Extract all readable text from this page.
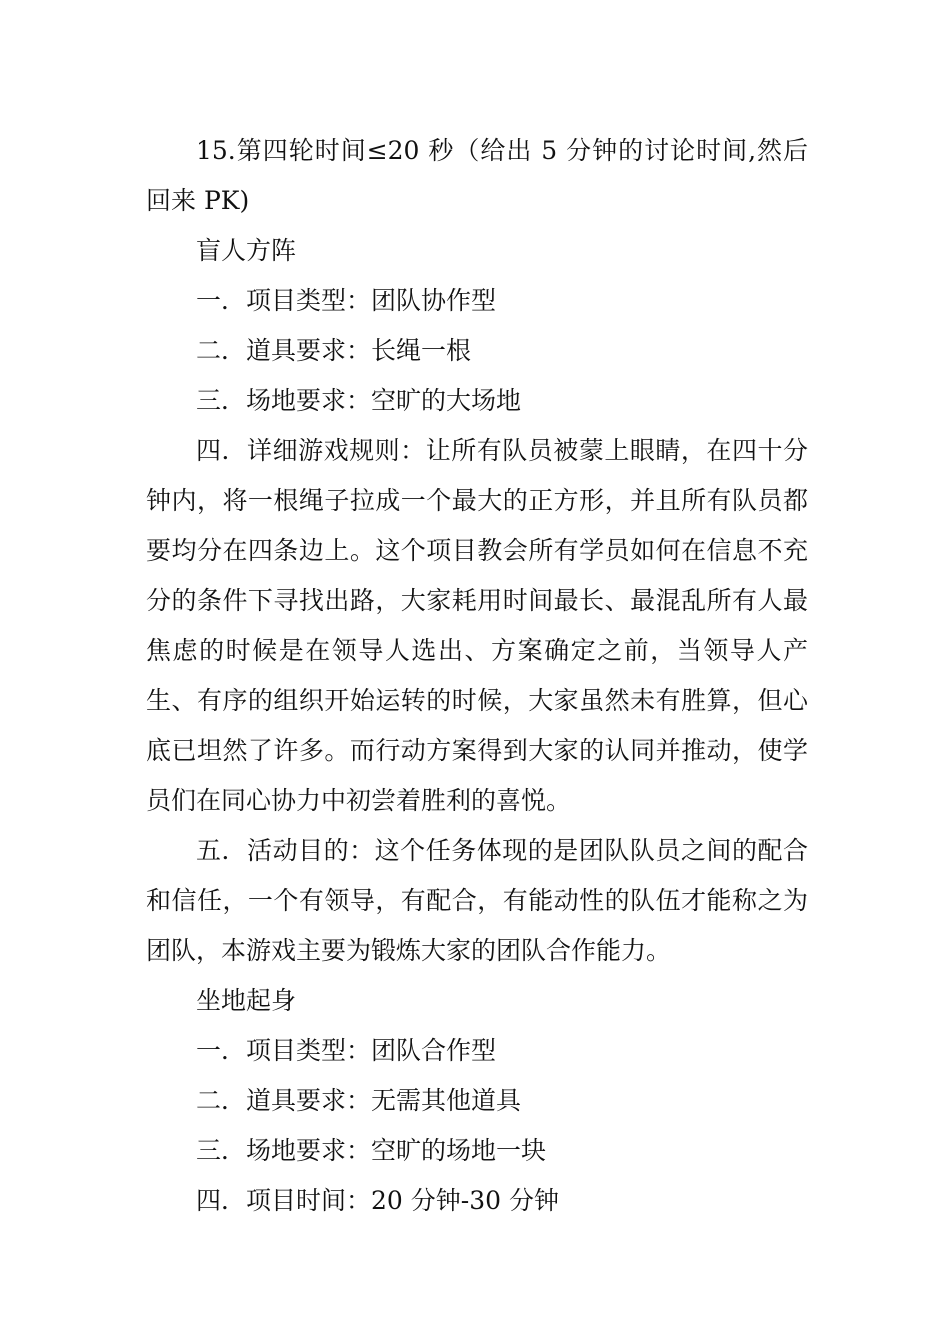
15.第四轮时间≤20 秒（给出 5 分钟的讨论时间,然后回来 PK)

盲人方阵

一．项目类型：团队协作型

二．道具要求：长绳一根

三．场地要求：空旷的大场地

四．详细游戏规则：让所有队员被蒙上眼睛，在四十分钟内，将一根绳子拉成一个最大的正方形，并且所有队员都要均分在四条边上。这个项目教会所有学员如何在信息不充分的条件下寻找出路，大家耗用时间最长、最混乱所有人最焦虑的时候是在领导人选出、方案确定之前，当领导人产生、有序的组织开始运转的时候，大家虽然未有胜算，但心底已坦然了许多。而行动方案得到大家的认同并推动，使学员们在同心协力中初尝着胜利的喜悦。

五．活动目的：这个任务体现的是团队队员之间的配合和信任，一个有领导，有配合，有能动性的队伍才能称之为团队，本游戏主要为锻炼大家的团队合作能力。

坐地起身

一．项目类型：团队合作型

二．道具要求：无需其他道具

三．场地要求：空旷的场地一块

四．项目时间：20 分钟-30 分钟
